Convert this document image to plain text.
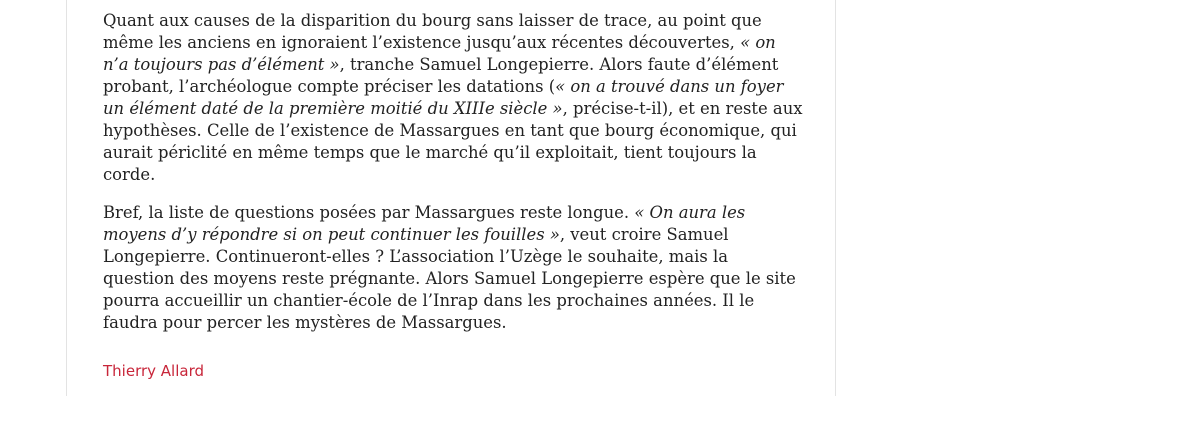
Quant aux causes de la disparition du bourg sans laisser de trace, au point que même les anciens en ignoraient l’existence jusqu’aux récentes découvertes, « on n’a toujours pas d’élément », tranche Samuel Longepierre. Alors faute d’élément probant, l’archéologue compte préciser les datations (« on a trouvé dans un foyer un élément daté de la première moitié du XIIIe siècle », précise-t-il), et en reste aux hypothèses. Celle de l’existence de Massargues en tant que bourg économique, qui aurait périclité en même temps que le marché qu’il exploitait, tient toujours la corde.

Bref, la liste de questions posées par Massargues reste longue. « On aura les moyens d’y répondre si on peut continuer les fouilles », veut croire Samuel Longepierre. Continueront-elles ? L’association l’Uzège le souhaite, mais la question des moyens reste prégnante. Alors Samuel Longepierre espère que le site pourra accueillir un chantier-école de l’Inrap dans les prochaines années. Il le faudra pour percer les mystères de Massargues.

Thierry Allard
